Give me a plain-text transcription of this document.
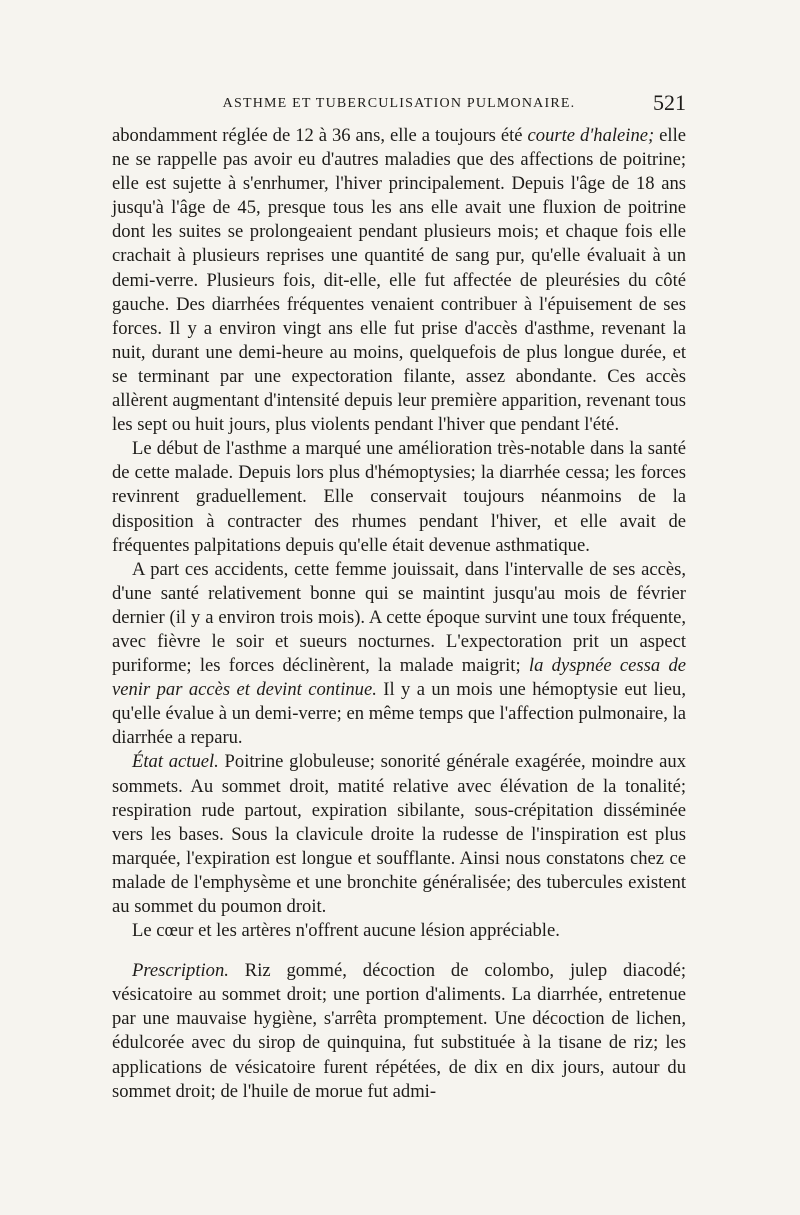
ASTHME ET TUBERCULISATION PULMONAIRE.	521

abondamment réglée de 12 à 36 ans, elle a toujours été courte d'haleine; elle ne se rappelle pas avoir eu d'autres maladies que des affections de poitrine; elle est sujette à s'enrhumer, l'hiver principalement. Depuis l'âge de 18 ans jusqu'à l'âge de 45, presque tous les ans elle avait une fluxion de poitrine dont les suites se prolongeaient pendant plusieurs mois; et chaque fois elle crachait à plusieurs reprises une quantité de sang pur, qu'elle évaluait à un demi-verre. Plusieurs fois, dit-elle, elle fut affectée de pleurésies du côté gauche. Des diarrhées fréquentes venaient contribuer à l'épuisement de ses forces. Il y a environ vingt ans elle fut prise d'accès d'asthme, revenant la nuit, durant une demi-heure au moins, quelquefois de plus longue durée, et se terminant par une expectoration filante, assez abondante. Ces accès allèrent augmentant d'intensité depuis leur première apparition, revenant tous les sept ou huit jours, plus violents pendant l'hiver que pendant l'été.

Le début de l'asthme a marqué une amélioration très-notable dans la santé de cette malade. Depuis lors plus d'hémoptysies; la diarrhée cessa; les forces revinrent graduellement. Elle conservait toujours néanmoins de la disposition à contracter des rhumes pendant l'hiver, et elle avait de fréquentes palpitations depuis qu'elle était devenue asthmatique.

A part ces accidents, cette femme jouissait, dans l'intervalle de ses accès, d'une santé relativement bonne qui se maintint jusqu'au mois de février dernier (il y a environ trois mois). A cette époque survint une toux fréquente, avec fièvre le soir et sueurs nocturnes. L'expectoration prit un aspect puriforme; les forces déclinèrent, la malade maigrit; la dyspnée cessa de venir par accès et devint continue. Il y a un mois une hémoptysie eut lieu, qu'elle évalue à un demi-verre; en même temps que l'affection pulmonaire, la diarrhée a reparu.

État actuel. Poitrine globuleuse; sonorité générale exagérée, moindre aux sommets. Au sommet droit, matité relative avec élévation de la tonalité; respiration rude partout, expiration sibilante, sous-crépitation disséminée vers les bases. Sous la clavicule droite la rudesse de l'inspiration est plus marquée, l'expiration est longue et soufflante. Ainsi nous constatons chez ce malade de l'emphysème et une bronchite généralisée; des tubercules existent au sommet du poumon droit.

Le cœur et les artères n'offrent aucune lésion appréciable.

Prescription. Riz gommé, décoction de colombo, julep diacodé; vésicatoire au sommet droit; une portion d'aliments. La diarrhée, entretenue par une mauvaise hygiène, s'arrêta promptement. Une décoction de lichen, édulcorée avec du sirop de quinquina, fut substituée à la tisane de riz; les applications de vésicatoire furent répétées, de dix en dix jours, autour du sommet droit; de l'huile de morue fut admi-
